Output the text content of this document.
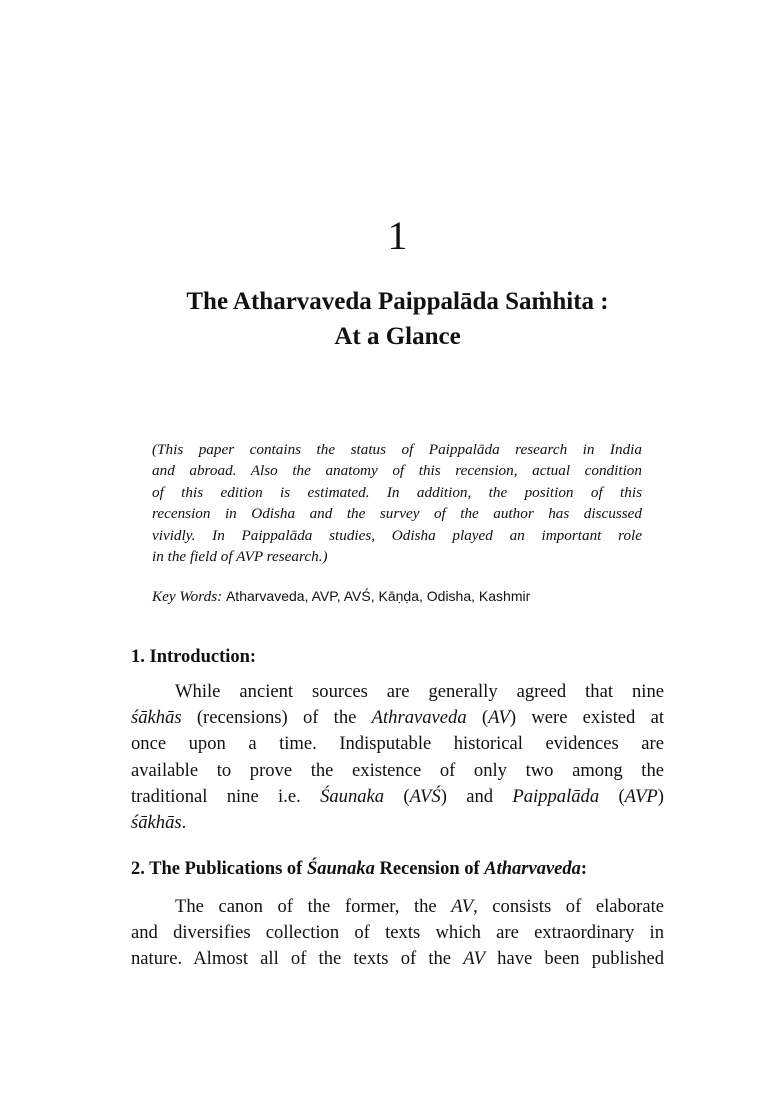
1
The Atharvaveda Paippalāda Saṁhita :
At a Glance

(This paper contains the status of Paippalāda research in India
and abroad. Also the anatomy of this recension, actual condition
of this edition is estimated. In addition, the position of this
recension in Odisha and the survey of the author has discussed
vividly. In Paippalāda studies, Odisha played an important role
in the field of AVP research.)

Key Words: Atharvaveda, AVP, AVŚ, Kāṇḍa, Odisha, Kashmir

1. Introduction:

While ancient sources are generally agreed that nine
śākhās (recensions) of the Athravaveda (AV) were existed at
once upon a time. Indisputable historical evidences are
available to prove the existence of only two among the
traditional nine i.e. Śaunaka (AVŚ) and Paippalāda (AVP)
śākhās.

2. The Publications of Śaunaka Recension of Atharvaveda:

The canon of the former, the AV, consists of elaborate
and diversifies collection of texts which are extraordinary in
nature. Almost all of the texts of the AV have been published
